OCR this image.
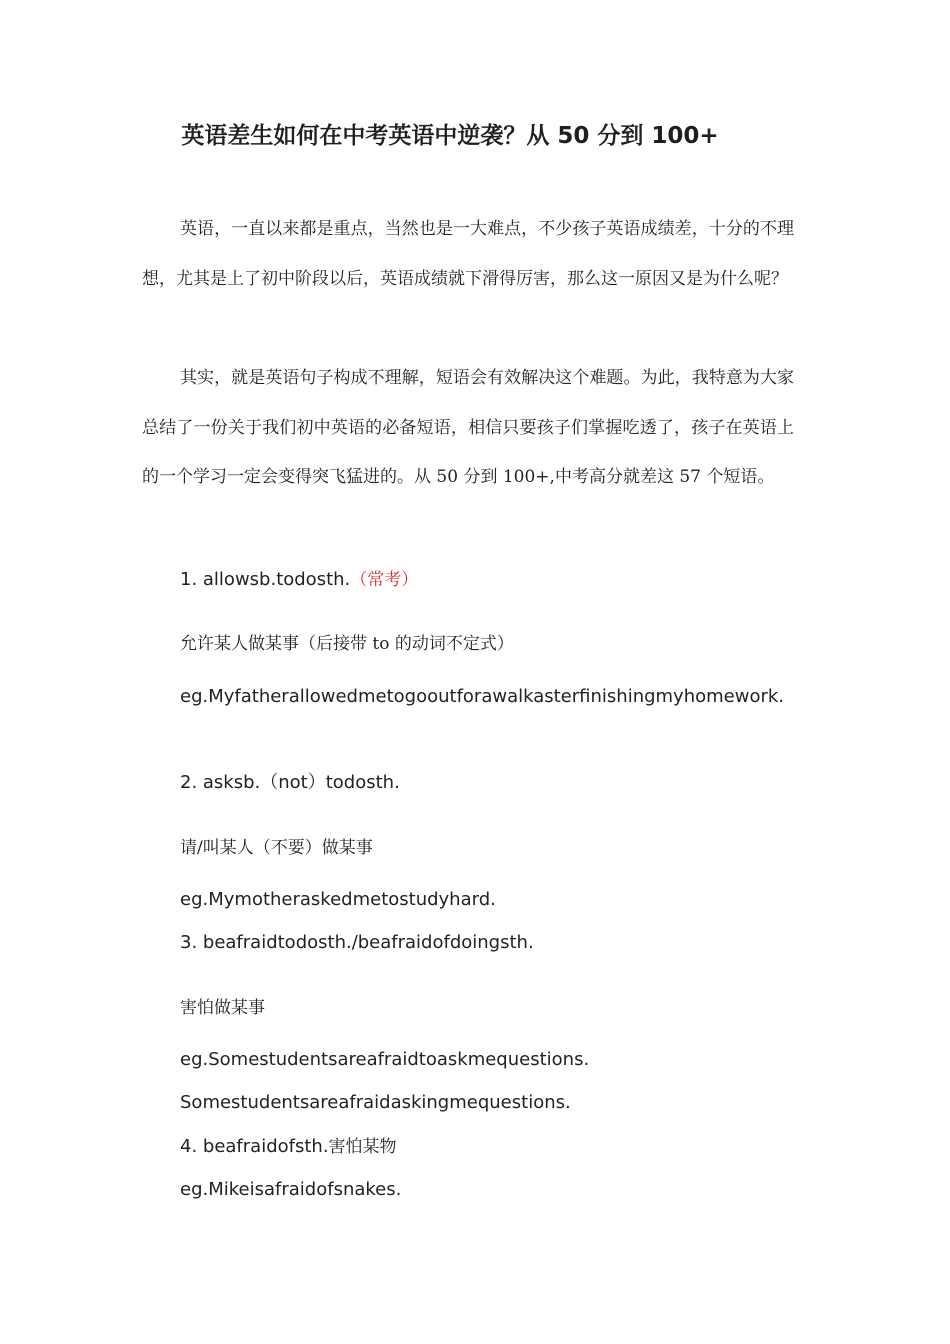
英语差生如何在中考英语中逆袭？从 50 分到 100+
英语，一直以来都是重点，当然也是一大难点，不少孩子英语成绩差，十分的不理想，尤其是上了初中阶段以后，英语成绩就下滑得厉害，那么这一原因又是为什么呢？
其实，就是英语句子构成不理解，短语会有效解决这个难题。为此，我特意为大家总结了一份关于我们初中英语的必备短语，相信只要孩子们掌握吃透了，孩子在英语上的一个学习一定会变得突飞猛进的。从 50 分到 100+,中考高分就差这 57 个短语。
1. allowsb.todosth.（常考）
允许某人做某事（后接带 to 的动词不定式）
eg.Myfatherallowedmetogooutforawalkasterfinishingmyhomework.
2. asksb.（not）todosth.
请/叫某人（不要）做某事
eg.Mymotheraskedmetostudyhard.
3. beafraidtodosth./beafraidofdoingsth.
害怕做某事
eg.Somestudentsareafraidtoaskmequestions.
Somestudentsareafraidaskingmequestions.
4. beafraidofsth.害怕某物
eg.Mikeisafraidofsnakes.
